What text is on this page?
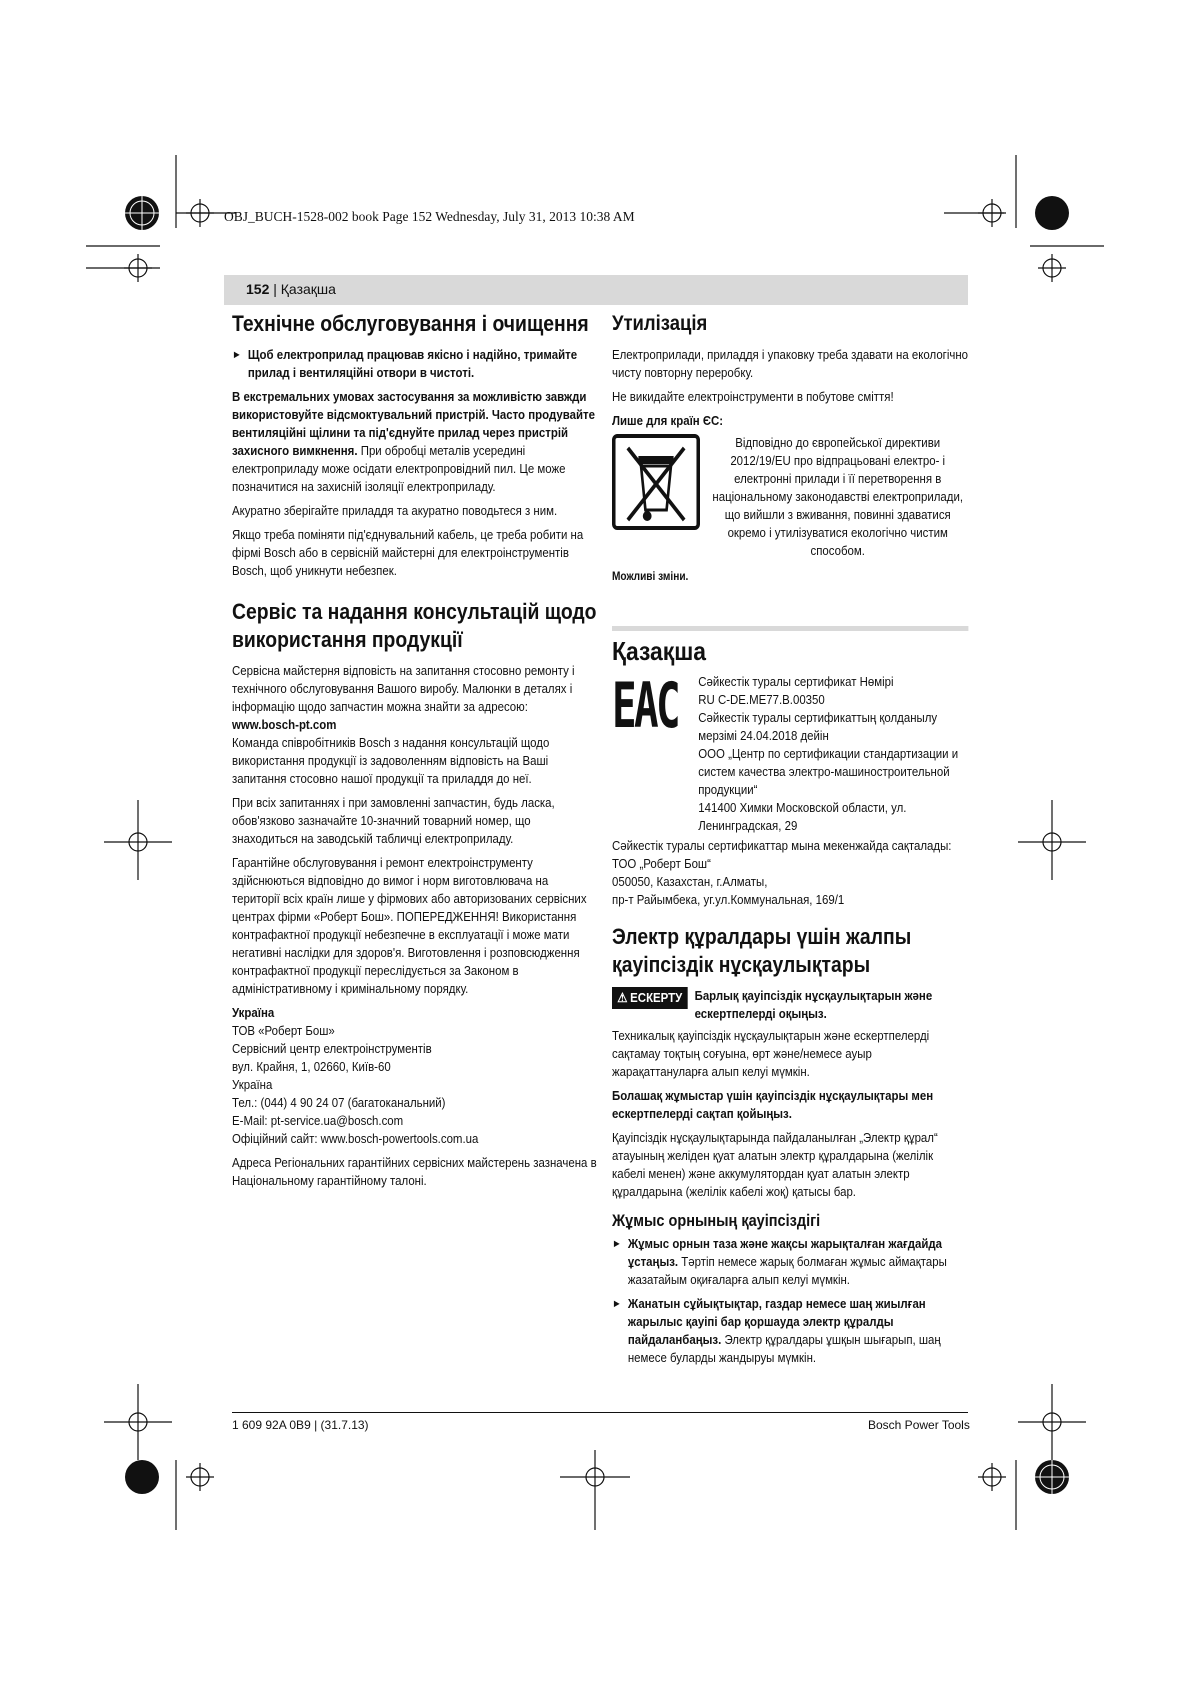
OBJ_BUCH-1528-002 book Page 152 Wednesday, July 31, 2013 10:38 AM
152 | Қазақша
Технічне обслуговування і очищення

► Щоб електроприлад працював якісно і надійно, тримайте прилад і вентиляційні отвори в чистоті.

В екстремальних умовах застосування за можливістю завжди використовуйте відсмоктувальний пристрій. Часто продувайте вентиляційні щілини та під'єднуйте прилад через пристрій захисного вимкнення. При обробці металів усередині електроприладу може осідати електропровідний пил. Це може позначитися на захисній ізоляції електроприладу.

Акуратно зберігайте приладдя та акуратно поводьтеся з ним.

Якщо треба поміняти під'єднувальний кабель, це треба робити на фірмі Bosch або в сервісній майстерні для електроінструментів Bosch, щоб уникнути небезпек.

Сервіс та надання консультацій щодо використання продукції

Сервісна майстерня відповість на запитання стосовно ремонту і технічного обслуговування Вашого виробу. Малюнки в деталях і інформацію щодо запчастин можна знайти за адресою:

www.bosch-pt.com

Команда співробітників Bosch з надання консультацій щодо використання продукції із задоволенням відповість на Ваші запитання стосовно нашої продукції та приладдя до неї.

При всіх запитаннях і при замовленні запчастин, будь ласка, обов'язково зазначайте 10-значний товарний номер, що знаходиться на заводській табличці електроприладу.

Гарантійне обслуговування і ремонт електроінструменту здійснюються відповідно до вимог і норм виготовлювача на території всіх країн лише у фірмових або авторизованих сервісних центрах фірми «Роберт Бош». ПОПЕРЕДЖЕННЯ! Використання контрафактної продукції небезпечне в експлуатації і може мати негативні наслідки для здоров'я. Виготовлення і розповсюдження контрафактної продукції переслідується за Законом в адміністративному і кримінальному порядку.

Україна

ТОВ «Роберт Бош»
Сервісний центр електроінструментів
вул. Крайня, 1, 02660, Київ-60
Україна
Тел.: (044) 4 90 24 07 (багатоканальний)
E-Mail: pt-service.ua@bosch.com
Офіційний сайт: www.bosch-powertools.com.ua

Адреса Регіональних гарантійних сервісних майстерень зазначена в Національному гарантійному талоні.

Утилізація

Електроприлади, приладдя і упаковку треба здавати на екологічно чисту повторну переробку.

Не викидайте електроінструменти в побутове сміття!

Лише для країн ЄС:

Відповідно до європейської директиви 2012/19/EU про відпрацьовані електро- і електронні прилади і її перетворення в національному законодавстві електроприлади, що вийшли з вживання, повинні здаватися окремо і утилізуватися екологічно чистим способом.

Можливі зміни.

Қазақша
EAC Сәйкестік туралы сертификат Нөмірі
RU C-DE.ME77.B.00350
Сәйкестік туралы сертификаттың қолданылу мерзімі 24.04.2018 дейін
ООО „Центр по сертификации стандартизации и систем качества электро-машиностроительной продукции“
141400 Химки Московской области, ул. Ленинградская, 29
Сәйкестік туралы сертификаттар мына мекенжайда сақталады:
ТОО „Роберт Бош“
050050, Казахстан, г.Алматы,
пр-т Райымбека, уг.ул.Коммунальная, 169/1
Электр құралдары үшін жалпы қауіпсіздік нұсқаулықтары
⚠ ЕСКЕРТУ Барлық қауіпсіздік нұсқаулықтарын және ескертпелерді оқыңыз.

Техникалық қауіпсіздік нұсқаулықтарын және ескертпелерді сақтамау тоқтың соғуына, өрт және/немесе ауыр жарақаттануларға алып келуі мүмкін.

Болашақ жұмыстар үшін қауіпсіздік нұсқаулықтары мен ескертпелерді сақтап қойыңыз.

Қауіпсіздік нұсқаулықтарында пайдаланылған „Электр құрал“ атауының желіден қуат алатын электр құралдарына (желілік кабелі менен) және аккумулятордан қуат алатын электр құралдарына (желілік кабелі жоқ) қатысы бар.

Жұмыс орнының қауіпсіздігі

► Жұмыс орнын таза және жақсы жарықталған жағдайда ұстаңыз. Тәртіп немесе жарық болмаған жұмыс аймақтары жазатайым оқиғаларға алып келуі мүмкін.

► Жанатын сұйықтықтар, газдар немесе шаң жиылған жарылыс қауіпі бар қоршауда электр құралды пайдаланбаңыз. Электр құралдары ұшқын шығарып, шаң немесе буларды жандыруы мүмкін.

1 609 92A 0B9 | (31.7.13)	Bosch Power Tools
